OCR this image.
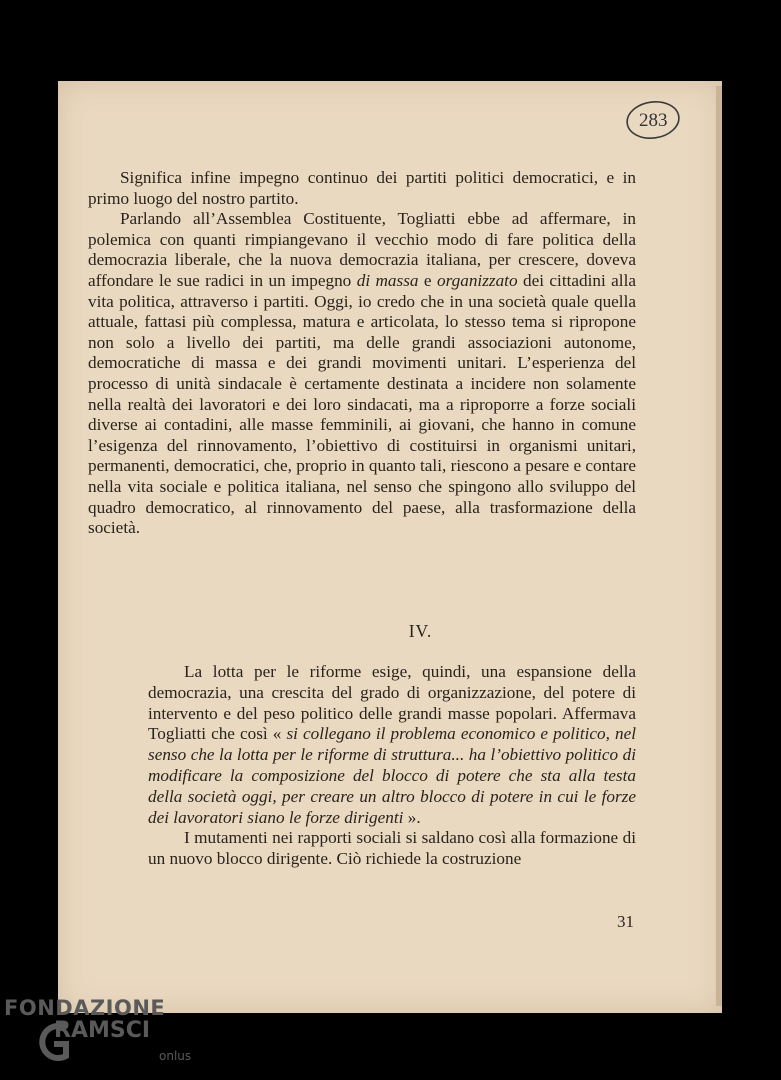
283

Significa infine impegno continuo dei partiti politici democratici, e in primo luogo del nostro partito.

Parlando all’Assemblea Costituente, Togliatti ebbe ad affermare, in polemica con quanti rimpiangevano il vecchio modo di fare politica della democrazia liberale, che la nuova democrazia italiana, per crescere, doveva affondare le sue radici in un impegno di massa e organizzato dei cittadini alla vita politica, attraverso i partiti. Oggi, io credo che in una società quale quella attuale, fattasi più complessa, matura e articolata, lo stesso tema si ripropone non solo a livello dei partiti, ma delle grandi associazioni autonome, democratiche di massa e dei grandi movimenti unitari. L’esperienza del processo di unità sindacale è certamente destinata a incidere non solamente nella realtà dei lavoratori e dei loro sindacati, ma a riproporre a forze sociali diverse ai contadini, alle masse femminili, ai giovani, che hanno in comune l’esigenza del rinnovamento, l’obiettivo di costituirsi in organismi unitari, permanenti, democratici, che, proprio in quanto tali, riescono a pesare e contare nella vita sociale e politica italiana, nel senso che spingono allo sviluppo del quadro democratico, al rinnovamento del paese, alla trasformazione della società.

IV.

La lotta per le riforme esige, quindi, una espansione della democrazia, una crescita del grado di organizzazione, del potere di intervento e del peso politico delle grandi masse popolari. Affermava Togliatti che così « si collegano il problema economico e politico, nel senso che la lotta per le riforme di struttura... ha l’obiettivo politico di modificare la composizione del blocco di potere che sta alla testa della società oggi, per creare un altro blocco di potere in cui le forze dei lavoratori siano le forze dirigenti ».

I mutamenti nei rapporti sociali si saldano così alla formazione di un nuovo blocco dirigente. Ciò richiede la costruzione

31
FONDAZIONE
RAMSCI
onlus
